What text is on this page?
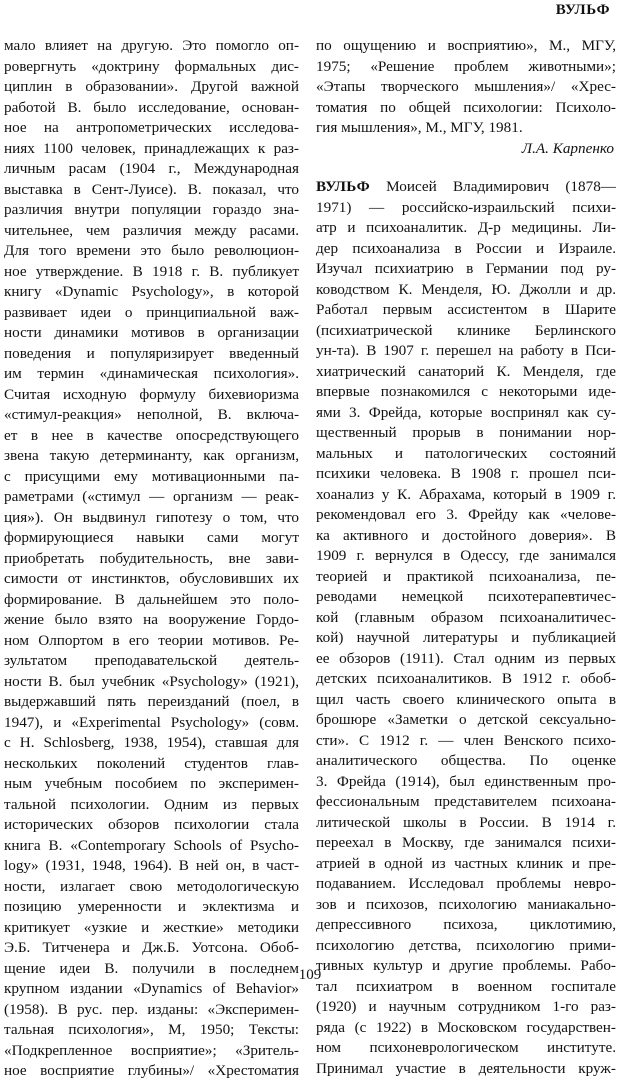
ВУЛЬФ
мало влияет на другую. Это помогло оп-
ровергнуть «доктрину формальных дис-
циплин в образовании». Другой важной
работой В. было исследование, основан-
ное на антропометрических исследова-
ниях 1100 человек, принадлежащих к раз-
личным расам (1904 г., Международная
выставка в Сент-Луисе). В. показал, что
различия внутри популяции гораздо зна-
чительнее, чем различия между расами.
Для того времени это было революцион-
ное утверждение. В 1918 г. В. публикует
книгу «Dynamic Psychology», в которой
развивает идеи о принципиальной важ-
ности динамики мотивов в организации
поведения и популяризирует введенный
им термин «динамическая психология».
Считая исходную формулу бихевиоризма
«стимул-реакция» неполной, В. включа-
ет в нее в качестве опосредствующего
звена такую детерминанту, как организм,
с присущими ему мотивационными па-
раметрами («стимул — организм — реак-
ция»). Он выдвинул гипотезу о том, что
формирующиеся навыки сами могут
приобретать побудительность, вне зави-
симости от инстинктов, обусловивших их
формирование. В дальнейшем это поло-
жение было взято на вооружение Гордо-
ном Олпортом в его теории мотивов. Ре-
зультатом преподавательской деятель-
ности В. был учебник «Psychology» (1921),
выдержавший пять переизданий (поел, в
1947), и «Experimental Psychology» (совм.
с H. Schlosberg, 1938, 1954), ставшая для
нескольких поколений студентов глав-
ным учебным пособием по эксперимен-
тальной психологии. Одним из первых
исторических обзоров психологии стала
книга В. «Contemporary Schools of Psycho-
logy» (1931, 1948, 1964). В ней он, в част-
ности, излагает свою методологическую
позицию умеренности и эклектизма и
критикует «узкие и жесткие» методики
Э.Б. Титченера и Дж.Б. Уотсона. Обоб-
щение идеи В. получили в последнем
крупном издании «Dynamics of Behavior»
(1958). В рус. пер. изданы: «Эксперимен-
тальная психология», М, 1950; Тексты:
«Подкрепленное восприятие»; «Зритель-
ное восприятие глубины»/ «Хрестоматия
по ощущению и восприятию», М., МГУ,
1975; «Решение проблем животными»;
«Этапы творческого мышления»/ «Хрес-
томатия по общей психологии: Психоло-
гия мышления», М., МГУ, 1981.
Л.А. Карпенко
ВУЛЬФ Моисей Владимирович (1878—
1971) — российско-израильский психи-
атр и психоаналитик. Д-р медицины. Ли-
дер психоанализа в России и Израиле.
Изучал психиатрию в Германии под ру-
ководством К. Менделя, Ю. Джолли и др.
Работал первым ассистентом в Шарите
(психиатрической клинике Берлинского
ун-та). В 1907 г. перешел на работу в Пси-
хиатрический санаторий К. Менделя, где
впервые познакомился с некоторыми иде-
ями 3. Фрейда, которые воспринял как су-
щественный прорыв в понимании нор-
мальных и патологических состояний
психики человека. В 1908 г. прошел пси-
хоанализ у К. Абрахама, который в 1909 г.
рекомендовал его 3. Фрейду как «челове-
ка активного и достойного доверия». В
1909 г. вернулся в Одессу, где занимался
теорией и практикой психоанализа, пе-
реводами немецкой психотерапевтичес-
кой (главным образом психоаналитичес-
кой) научной литературы и публикацией
ее обзоров (1911). Стал одним из первых
детских психоаналитиков. В 1912 г. обоб-
щил часть своего клинического опыта в
брошюре «Заметки о детской сексуально-
сти». С 1912 г. — член Венского психо-
аналитического общества. По оценке
3. Фрейда (1914), был единственным про-
фессиональным представителем психоана-
литической школы в России. В 1914 г.
переехал в Москву, где занимался психи-
атрией в одной из частных клиник и пре-
подаванием. Исследовал проблемы невро-
зов и психозов, психологию маниакально-
депрессивного психоза, циклотимию,
психологию детства, психологию прими-
тивных культур и другие проблемы. Рабо-
тал психиатром в военном госпитале
(1920) и научным сотрудником 1-го раз-
ряда (с 1922) в Московском государствен-
ном психоневрологическом институте.
Принимал участие в деятельности круж-
109
